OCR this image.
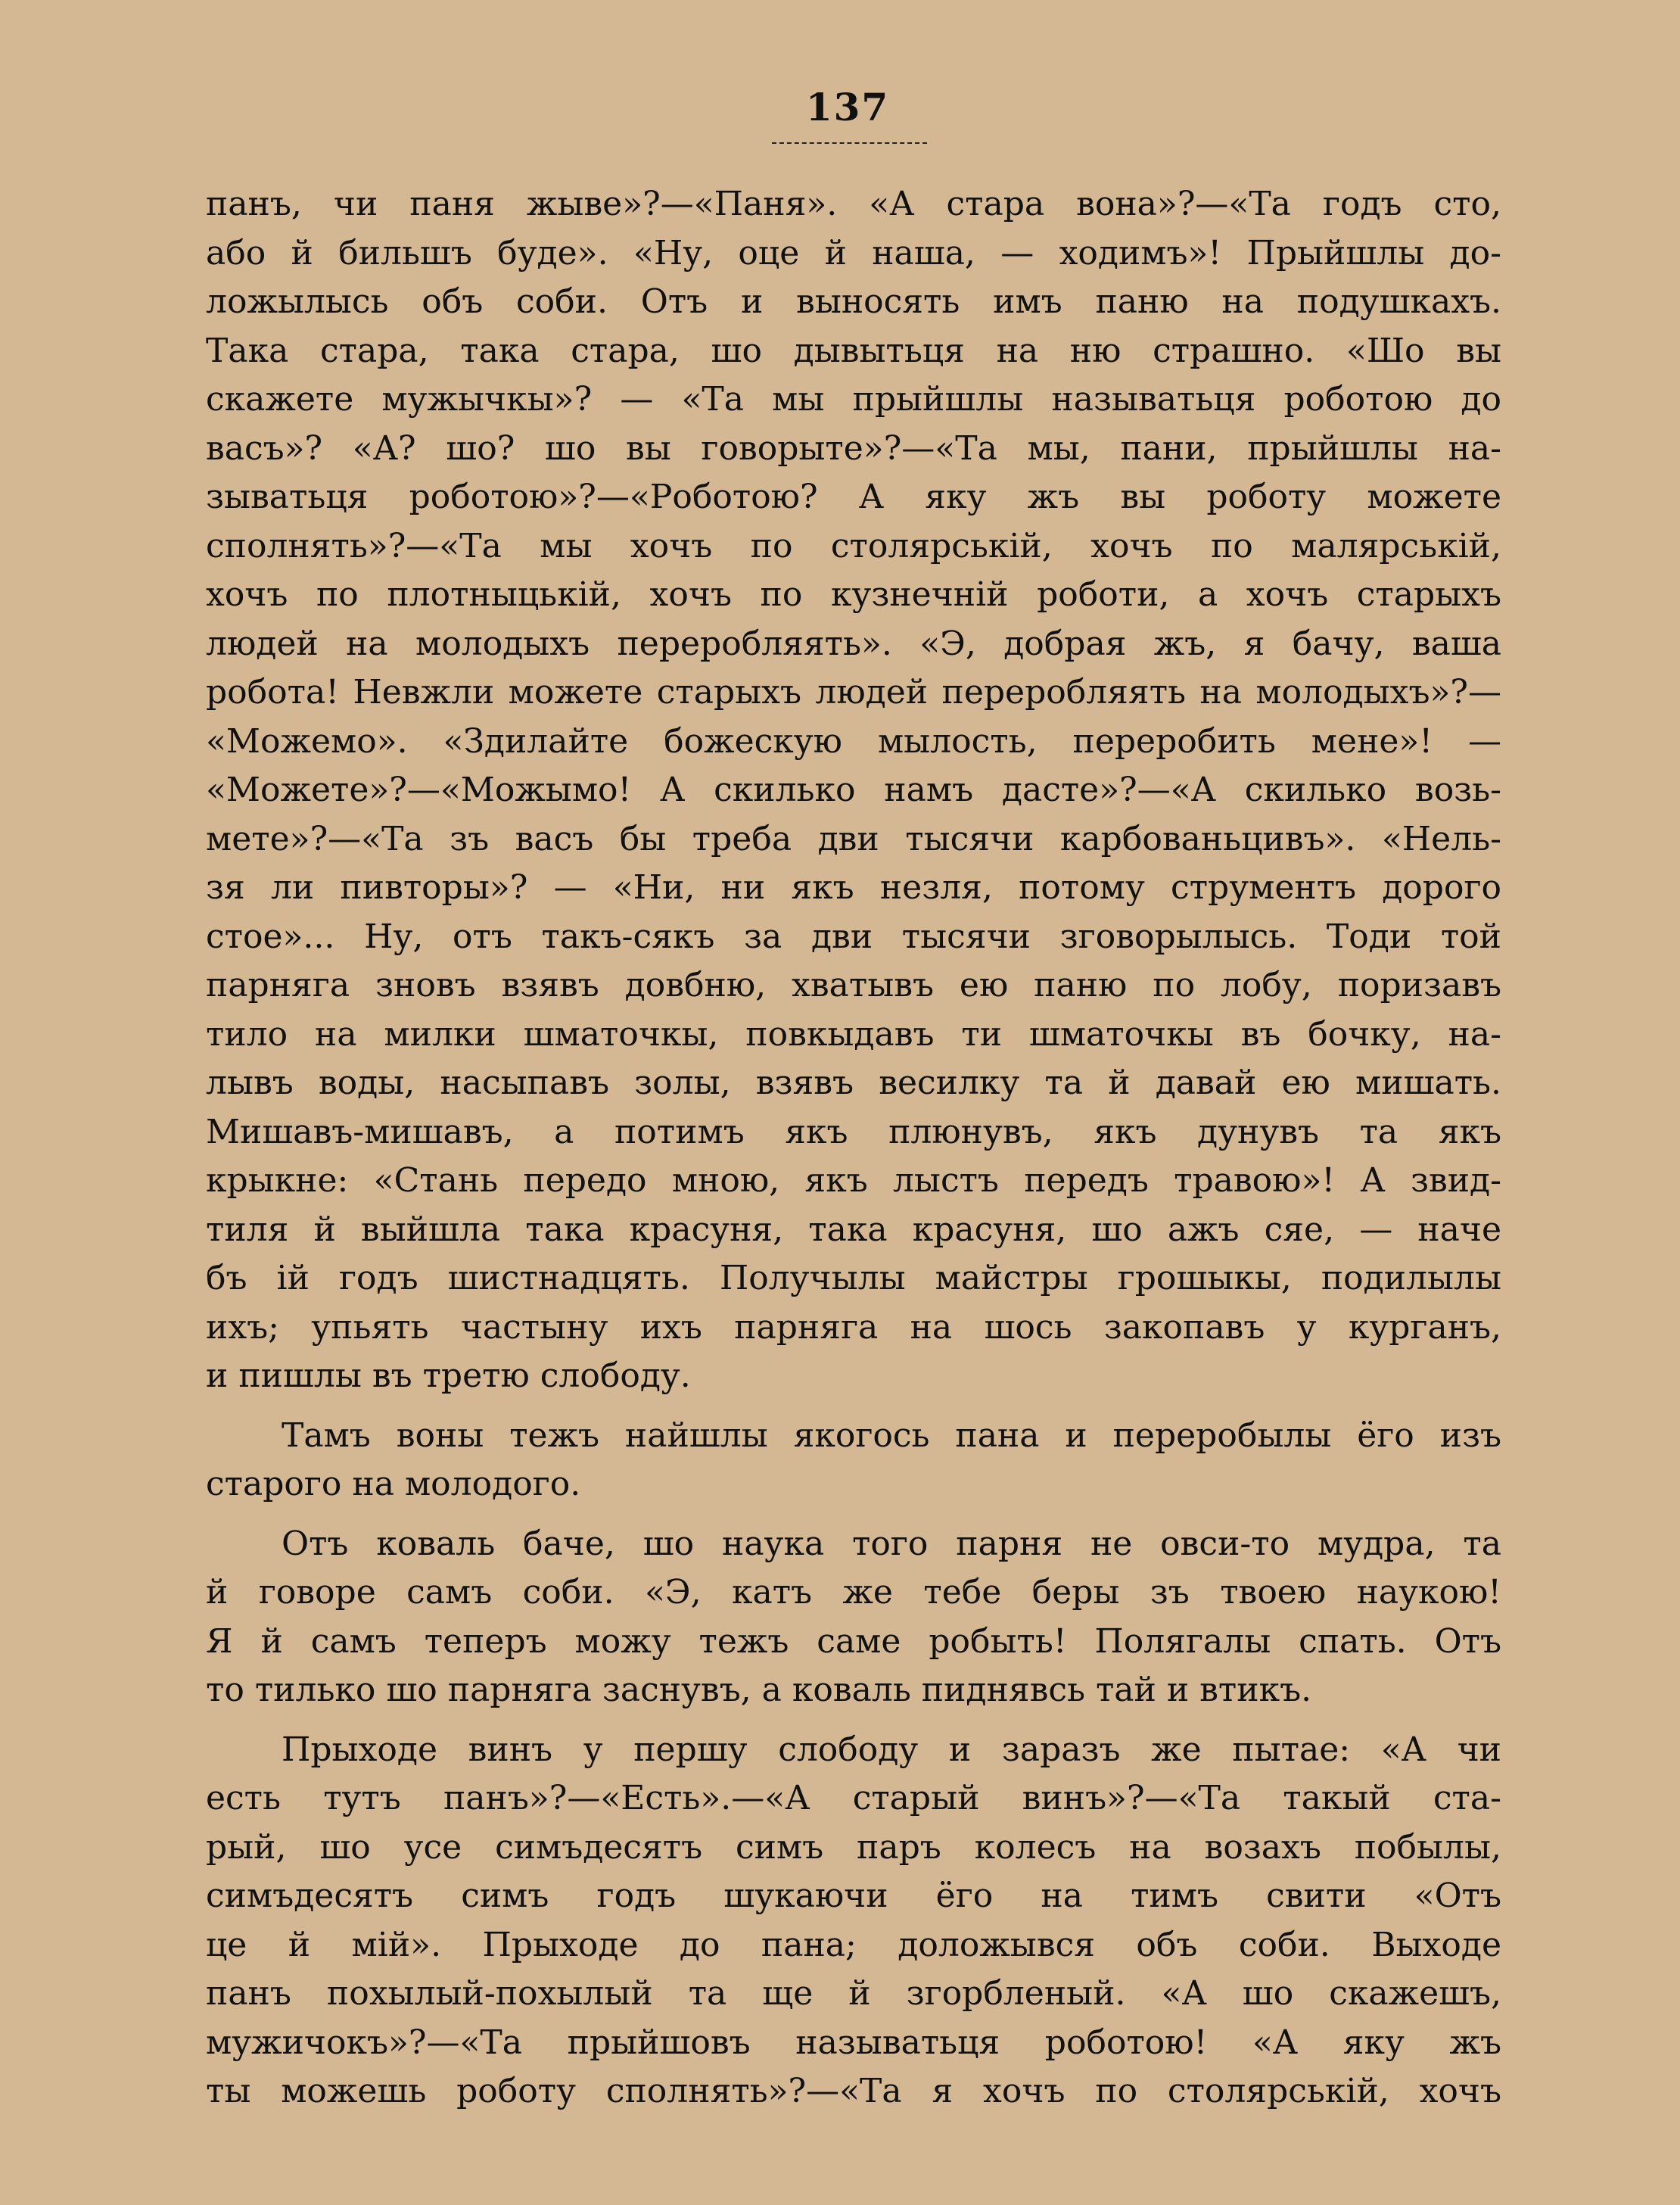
137
панъ, чи паня жыве»?—«Паня». «А стара вона»?—«Та годъ сто,
або й бильшъ буде». «Ну, оце й наша, — ходимъ»! Прыйшлы до-
ложылысь объ соби. Отъ и выносять имъ паню на подушкахъ.
Така стара, така стара, шо дывытьця на ню страшно. «Шо вы
скажете мужычкы»? — «Та мы прыйшлы называтьця роботою до
васъ»? «А? шо? шо вы говорыте»?—«Та мы, пани, прыйшлы на-
зыватьця роботою»?—«Роботою? А яку жъ вы роботу можете
сполнять»?—«Та мы хочъ по столярськiй, хочъ по малярськiй,
хочъ по плотныцькiй, хочъ по кузнечнiй роботи, а хочъ старыхъ
людей на молодыхъ переробляять». «Э, добрая жъ, я бачу, ваша
робота! Невжли можете старыхъ людей переробляять на молодыхъ»?—
«Можемо». «Здилайте божескую мылость, переробить мене»! —
«Можете»?—«Можымо! А скилько намъ дасте»?—«А скилько возь-
мете»?—«Та зъ васъ бы треба дви тысячи карбованьцивъ». «Нель-
зя ли пивторы»? — «Ни, ни якъ незля, потому струментъ дорого
стое»... Ну, отъ такъ-сякъ за дви тысячи зговорылысь. Тоди той
парняга зновъ взявъ довбню, хватывъ ею паню по лобу, поризавъ
тило на милки шматочкы, повкыдавъ ти шматочкы въ бочку, на-
лывъ воды, насыпавъ золы, взявъ весилку та й давай ею мишать.
Мишавъ-мишавъ, а потимъ якъ плюнувъ, якъ дунувъ та якъ
крыкне: «Стань передо мною, якъ лыстъ передъ травою»! А звид-
тиля й выйшла така красуня, така красуня, шо ажъ сяе, — наче
бъ iй годъ шистнадцять. Получылы майстры грошыкы, подилылы
ихъ; упьять частыну ихъ парняга на шось закопавъ у курганъ,
и пишлы въ третю слободу.
Тамъ воны тежъ найшлы якогось пана и переробылы ёго изъ
старого на молодого.
Отъ коваль баче, шо наука того парня не овси-то мудра, та
й говоре самъ соби. «Э, катъ же тебе беры зъ твоею наукою!
Я й самъ теперъ можу тежъ саме робыть! Полягалы спать. Отъ
то тилько шо парняга заснувъ, а коваль пиднявсь тай и втикъ.
Прыходе винъ у першу слободу и заразъ же пытае: «А чи
есть тутъ панъ»?—«Есть».—«А старый винъ»?—«Та такый ста-
рый, шо усе симъдесятъ симъ паръ колесъ на возахъ побылы,
симъдесятъ симъ годъ шукаючи ёго на тимъ свити «Отъ
це й мiй». Прыходе до пана; доложывся объ соби. Выходе
панъ похылый-похылый та ще й згорбленый. «А шо скажешъ,
мужичокъ»?—«Та прыйшовъ называтьця роботою! «А яку жъ
ты можешь роботу сполнять»?—«Та я хочъ по столярськiй, хочъ
